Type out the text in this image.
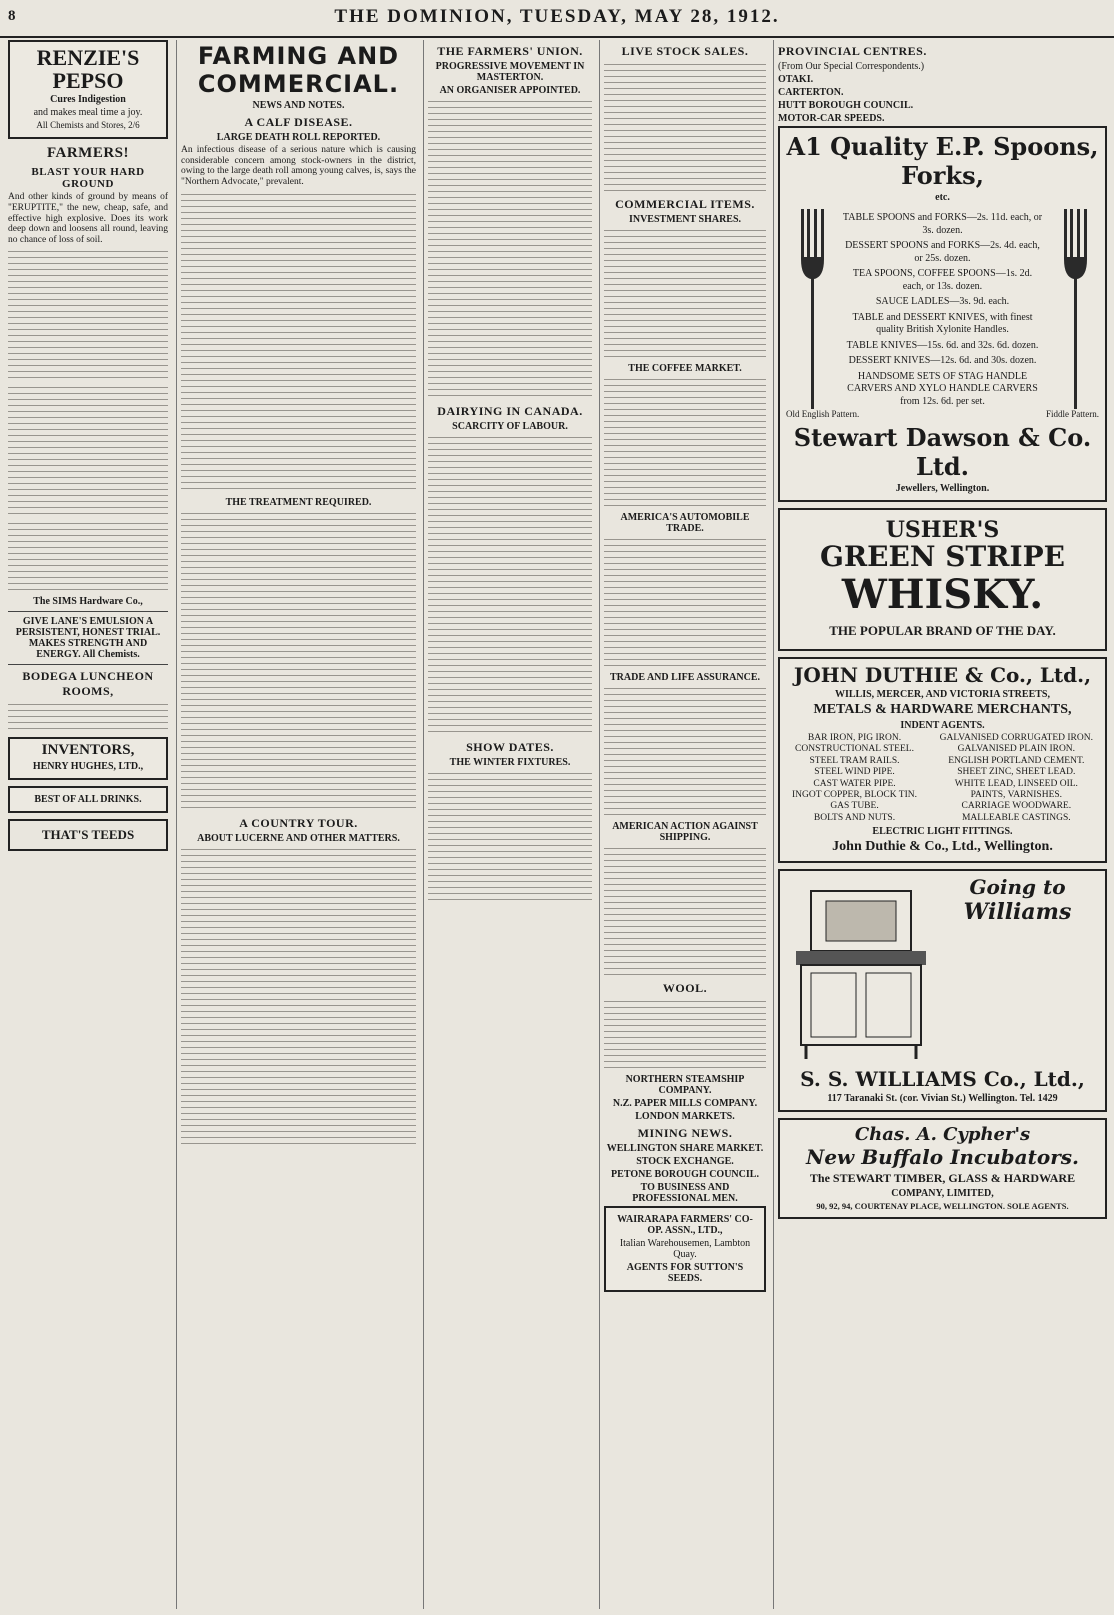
8	THE DOMINION, TUESDAY, MAY 28, 1912.
RENZIE'S PEPSO
Cures Indigestion
and makes meal time a joy.
All Chemists and Stores, 2/6
FARMERS!
BLAST YOUR HARD GROUND

And other kinds of ground by means of "ERUPTITE," the new, cheap, safe, and effective high explosive. Does its work deep down and loosens all round, leaving no chance of loss of soil.

The SIMS Hardware Co.,
GIVE LANE'S EMULSION A PERSISTENT, HONEST TRIAL. MAKES STRENGTH AND ENERGY. All Chemists.
BODEGA LUNCHEON ROOMS,
INVENTORS,
HENRY HUGHES, LTD.,
BEST OF ALL DRINKS.
THAT'S TEEDS
FARMING AND COMMERCIAL.
NEWS AND NOTES.
A CALF DISEASE.
LARGE DEATH ROLL REPORTED.

An infectious disease of a serious nature which is causing considerable concern among stock-owners in the district, owing to the large death roll among young calves, is, says the "Northern Advocate," prevalent.

THE TREATMENT REQUIRED.
A COUNTRY TOUR.
ABOUT LUCERNE AND OTHER MATTERS.
THE FARMERS' UNION.
PROGRESSIVE MOVEMENT IN MASTERTON.
AN ORGANISER APPOINTED.
DAIRYING IN CANADA.
SCARCITY OF LABOUR.
SHOW DATES.
THE WINTER FIXTURES.
LIVE STOCK SALES.
COMMERCIAL ITEMS.
INVESTMENT SHARES.
THE COFFEE MARKET.
AMERICA'S AUTOMOBILE TRADE.
TRADE AND LIFE ASSURANCE.
AMERICAN ACTION AGAINST SHIPPING.
WOOL.
NORTHERN STEAMSHIP COMPANY.
N.Z. PAPER MILLS COMPANY.
LONDON MARKETS.
MINING NEWS.
WELLINGTON SHARE MARKET.
STOCK EXCHANGE.
PETONE BOROUGH COUNCIL.
TO BUSINESS AND PROFESSIONAL MEN.
WAIRARAPA FARMERS' CO-OP. ASSN., LTD.,
Italian Warehousemen, Lambton Quay.
AGENTS FOR SUTTON'S SEEDS.
PROVINCIAL CENTRES.
(From Our Special Correspondents.)
OTAKI.
CARTERTON.
HUTT BOROUGH COUNCIL.
MOTOR-CAR SPEEDS.
A1 Quality E.P. Spoons, Forks,
etc.
TABLE SPOONS and FORKS—2s. 11d. each, or 3s. dozen.
DESSERT SPOONS and FORKS—2s. 4d. each, or 25s. dozen.
TEA SPOONS, COFFEE SPOONS—1s. 2d. each, or 13s. dozen.
SAUCE LADLES—3s. 9d. each.
TABLE and DESSERT KNIVES, with finest quality British Xylonite Handles.
TABLE KNIVES—15s. 6d. and 32s. 6d. dozen.
DESSERT KNIVES—12s. 6d. and 30s. dozen.
HANDSOME SETS OF STAG HANDLE CARVERS AND XYLO HANDLE CARVERS from 12s. 6d. per set.
Old English Pattern.	Fiddle Pattern.
Stewart Dawson & Co. Ltd.
Jewellers, Wellington.
USHER'S
GREEN STRIPE
WHISKY.
THE POPULAR BRAND OF THE DAY.
JOHN DUTHIE & Co., Ltd.,
WILLIS, MERCER, AND VICTORIA STREETS,
METALS & HARDWARE MERCHANTS,
INDENT AGENTS.
BAR IRON, PIG IRON.
CONSTRUCTIONAL STEEL.
STEEL TRAM RAILS.
STEEL WIND PIPE.
CAST WATER PIPE.
INGOT COPPER, BLOCK TIN.
GAS TUBE.
BOLTS AND NUTS.
GALVANISED CORRUGATED IRON.
GALVANISED PLAIN IRON.
ENGLISH PORTLAND CEMENT.
SHEET ZINC, SHEET LEAD.
WHITE LEAD, LINSEED OIL.
PAINTS, VARNISHES.
CARRIAGE WOODWARE.
MALLEABLE CASTINGS.
ELECTRIC LIGHT FITTINGS.
John Duthie & Co., Ltd., Wellington.
Going to
Williams
S. S. WILLIAMS Co., Ltd.,
117 Taranaki St. (cor. Vivian St.) Wellington. Tel. 1429
Chas. A. Cypher's
New Buffalo Incubators.
The STEWART TIMBER, GLASS & HARDWARE
COMPANY, LIMITED,
90, 92, 94, COURTENAY PLACE, WELLINGTON. SOLE AGENTS.
